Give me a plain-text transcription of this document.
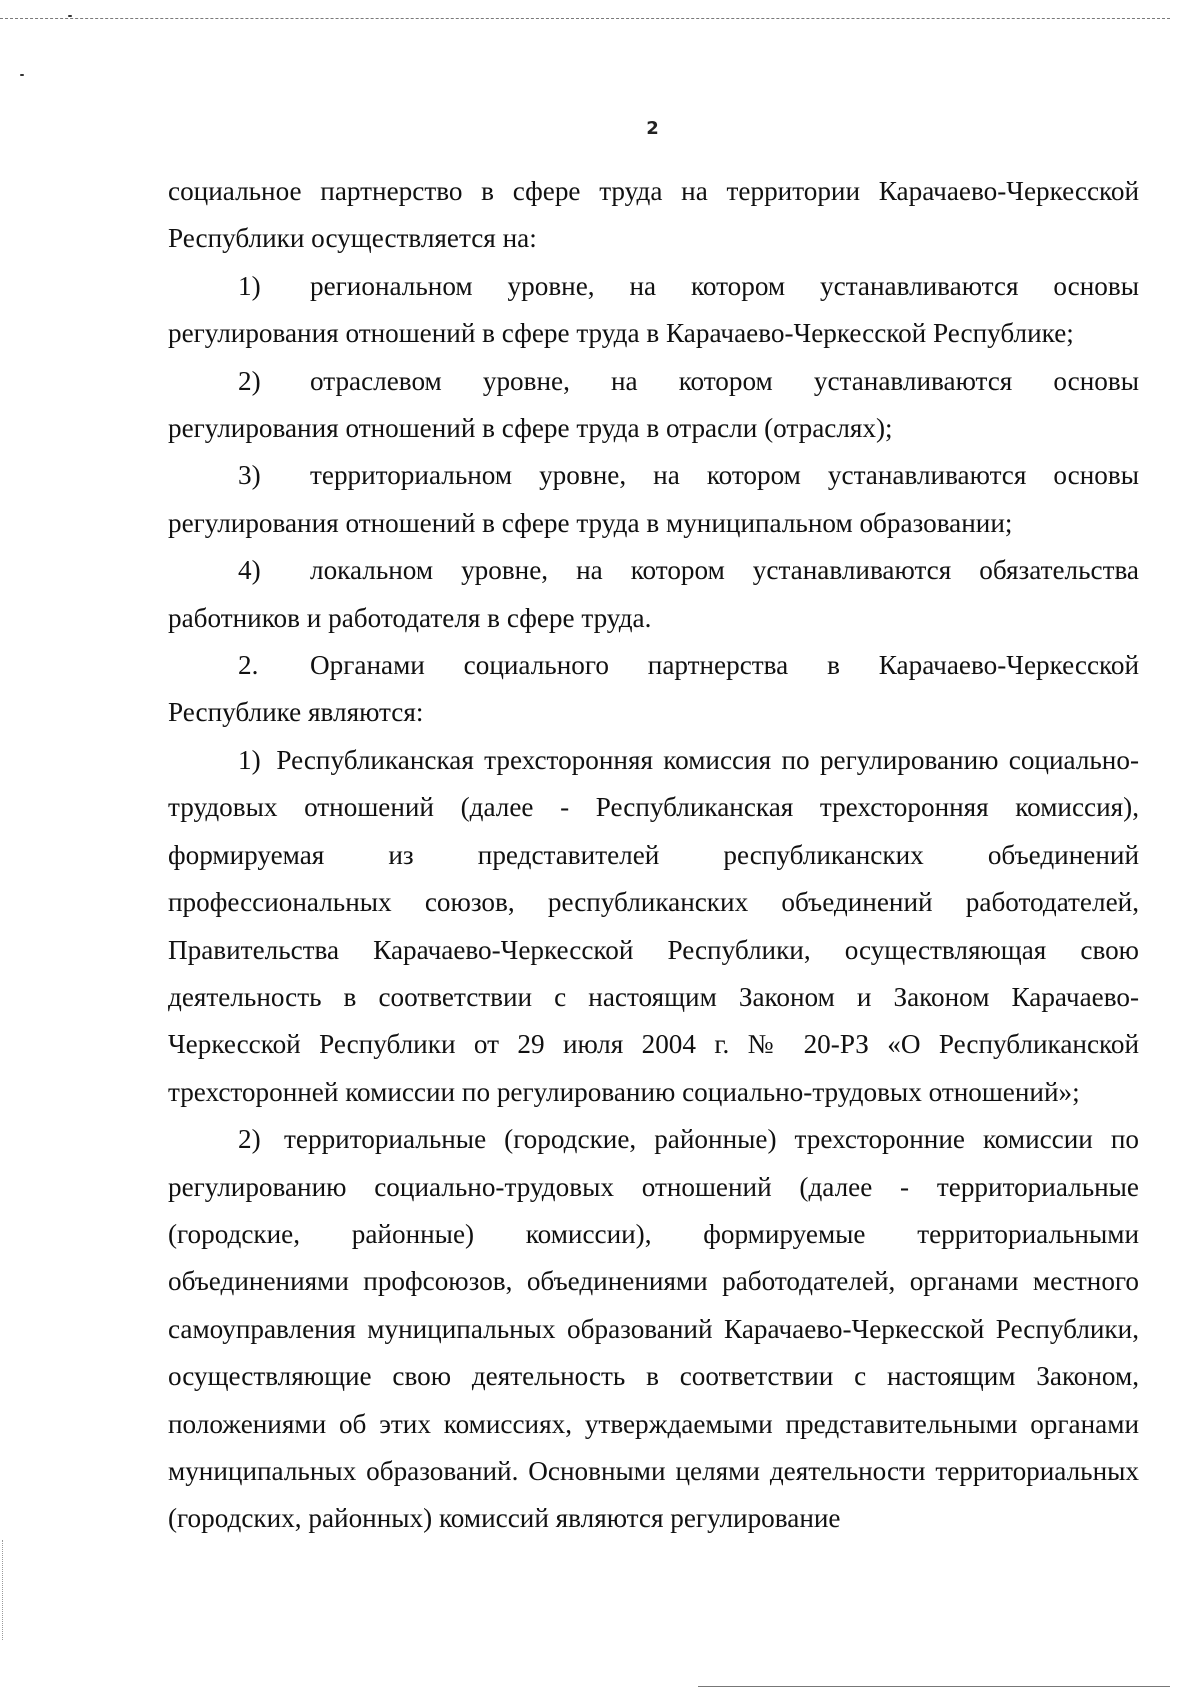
2

социальное партнерство в сфере труда на территории Карачаево-Черкесской Республики осуществляется на:

1) региональном уровне, на котором устанавливаются основы регулирования отношений в сфере труда в Карачаево-Черкесской Республике;

2) отраслевом уровне, на котором устанавливаются основы регулирования отношений в сфере труда в отрасли (отраслях);

3) территориальном уровне, на котором устанавливаются основы регулирования отношений в сфере труда в муниципальном образовании;

4) локальном уровне, на котором устанавливаются обязательства работников и работодателя в сфере труда.

2. Органами социального партнерства в Карачаево-Черкесской Республике являются:

1) Республиканская трехсторонняя комиссия по регулированию социально-трудовых отношений (далее - Республиканская трехсторонняя комиссия), формируемая из представителей республиканских объединений профессиональных союзов, республиканских объединений работодателей, Правительства Карачаево-Черкесской Республики, осуществляющая свою деятельность в соответствии с настоящим Законом и Законом Карачаево-Черкесской Республики от 29 июля 2004 г. № 20-РЗ «О Республиканской трехсторонней комиссии по регулированию социально-трудовых отношений»;

2) территориальные (городские, районные) трехсторонние комиссии по регулированию социально-трудовых отношений (далее - территориальные (городские, районные) комиссии), формируемые территориальными объединениями профсоюзов, объединениями работодателей, органами местного самоуправления муниципальных образований Карачаево-Черкесской Республики, осуществляющие свою деятельность в соответствии с настоящим Законом, положениями об этих комиссиях, утверждаемыми представительными органами муниципальных образований. Основными целями деятельности территориальных (городских, районных) комиссий являются регулирование
